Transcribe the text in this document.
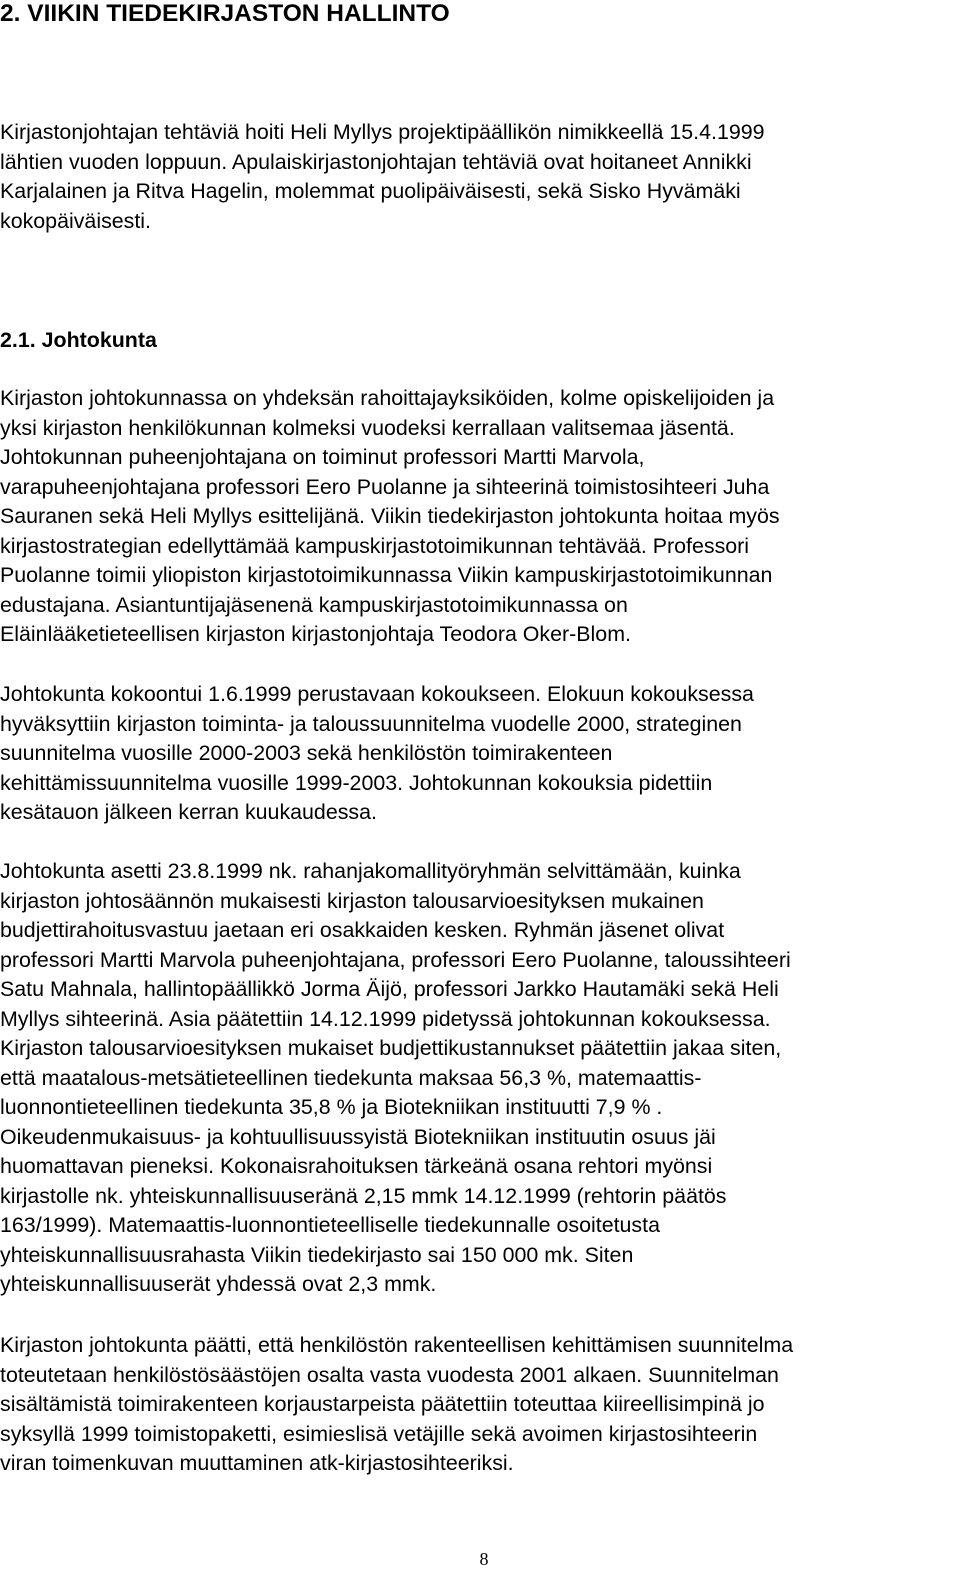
2. VIIKIN TIEDEKIRJASTON HALLINTO

Kirjastonjohtajan tehtäviä hoiti Heli Myllys projektipäällikön nimikkeellä 15.4.1999
lähtien vuoden loppuun. Apulaiskirjastonjohtajan tehtäviä ovat hoitaneet Annikki
Karjalainen ja Ritva Hagelin, molemmat puolipäiväisesti, sekä Sisko Hyvämäki
kokopäiväisesti.

2.1. Johtokunta

Kirjaston johtokunnassa on yhdeksän rahoittajayksiköiden, kolme opiskelijoiden ja
yksi kirjaston henkilökunnan kolmeksi vuodeksi kerrallaan valitsemaa jäsentä.
Johtokunnan puheenjohtajana on toiminut professori Martti Marvola,
varapuheenjohtajana professori Eero Puolanne ja sihteerinä toimistosihteeri Juha
Sauranen sekä Heli Myllys esittelijänä. Viikin tiedekirjaston johtokunta hoitaa myös
kirjastostrategian edellyttämää kampuskirjastotoimikunnan tehtävää. Professori
Puolanne toimii yliopiston kirjastotoimikunnassa Viikin kampuskirjastotoimikunnan
edustajana. Asiantuntijajäsenenä kampuskirjastotoimikunnassa on
Eläinlääketieteellisen kirjaston kirjastonjohtaja Teodora Oker-Blom.

Johtokunta kokoontui 1.6.1999 perustavaan kokoukseen. Elokuun kokouksessa
hyväksyttiin kirjaston toiminta- ja taloussuunnitelma vuodelle 2000, strateginen
suunnitelma vuosille 2000-2003 sekä henkilöstön toimirakenteen
kehittämissuunnitelma vuosille 1999-2003. Johtokunnan kokouksia pidettiin
kesätauon jälkeen kerran kuukaudessa.

Johtokunta asetti 23.8.1999 nk. rahanjakomallityöryhmän selvittämään, kuinka
kirjaston johtosäännön mukaisesti kirjaston talousarvioesityksen mukainen
budjettirahoitusvastuu jaetaan eri osakkaiden kesken. Ryhmän jäsenet olivat
professori Martti Marvola puheenjohtajana, professori Eero Puolanne, taloussihteeri
Satu Mahnala, hallintopäällikkö Jorma Äijö, professori Jarkko Hautamäki sekä Heli
Myllys sihteerinä. Asia päätettiin 14.12.1999 pidetyssä johtokunnan kokouksessa.
Kirjaston talousarvioesityksen mukaiset budjettikustannukset päätettiin jakaa siten,
että maatalous-metsätieteellinen tiedekunta maksaa 56,3 %, matemaattis-
luonnontieteellinen tiedekunta 35,8 % ja Biotekniikan instituutti 7,9 % .
Oikeudenmukaisuus- ja kohtuullisuussyistä Biotekniikan instituutin osuus jäi
huomattavan pieneksi. Kokonaisrahoituksen tärkeänä osana rehtori myönsi
kirjastolle nk. yhteiskunnallisuuseränä 2,15 mmk 14.12.1999 (rehtorin päätös
163/1999). Matemaattis-luonnontieteelliselle tiedekunnalle osoitetusta
yhteiskunnallisuusrahasta Viikin tiedekirjasto sai 150 000 mk. Siten
yhteiskunnallisuuserät yhdessä ovat 2,3 mmk.

Kirjaston johtokunta päätti, että henkilöstön rakenteellisen kehittämisen suunnitelma
toteutetaan henkilöstösäästöjen osalta vasta vuodesta 2001 alkaen. Suunnitelman
sisältämistä toimirakenteen korjaustarpeista päätettiin toteuttaa kiireellisimpinä jo
syksyllä 1999 toimistopaketti, esimieslisä vetäjille sekä avoimen kirjastosihteerin
viran toimenkuvan muuttaminen atk-kirjastosihteeriksi.

8
